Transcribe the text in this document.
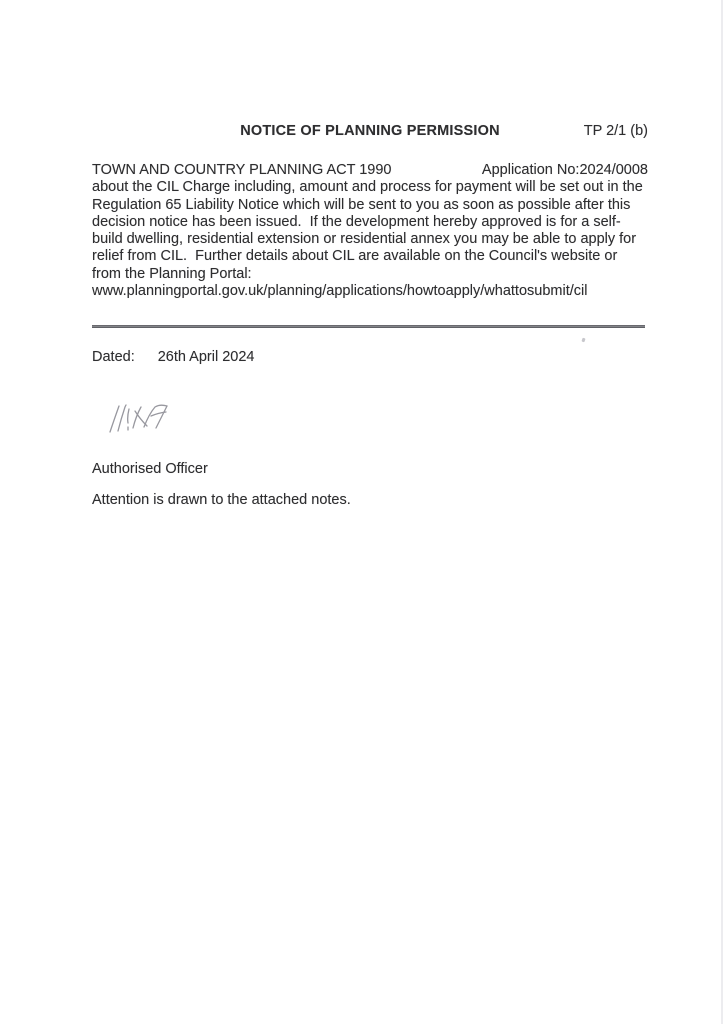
NOTICE OF PLANNING PERMISSION	TP 2/1 (b)
TOWN AND COUNTRY PLANNING ACT 1990	Application No:2024/0008
about the CIL Charge including, amount and process for payment will be set out in the Regulation 65 Liability Notice which will be sent to you as soon as possible after this decision notice has been issued.  If the development hereby approved is for a self-build dwelling, residential extension or residential annex you may be able to apply for relief from CIL.  Further details about CIL are available on the Council's website or from the Planning Portal:
www.planningportal.gov.uk/planning/applications/howtoapply/whattosubmit/cil
Dated: 26th April 2024
Authorised Officer
Attention is drawn to the attached notes.
